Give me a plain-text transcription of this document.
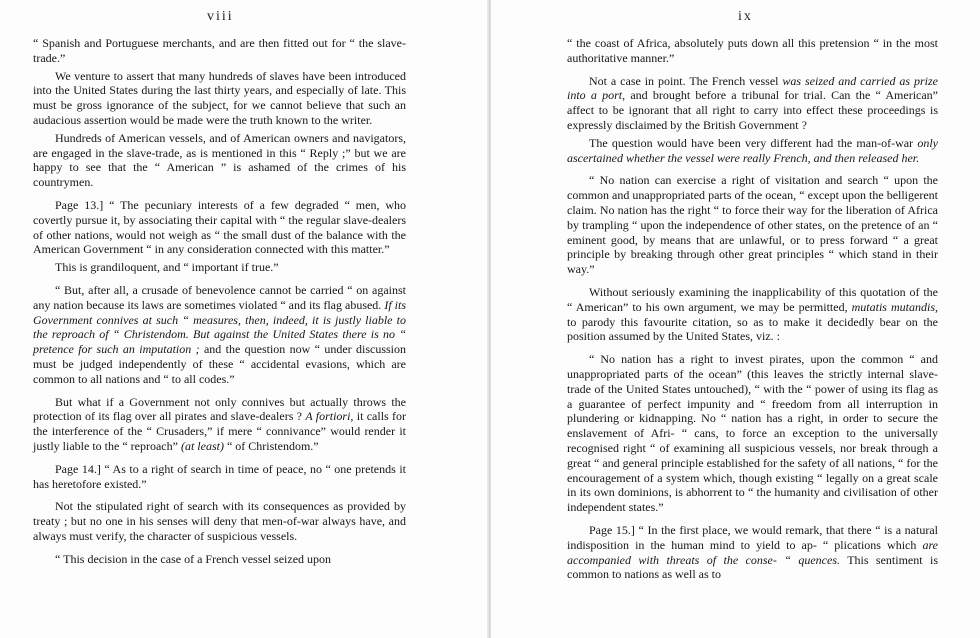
viii

“ Spanish and Portuguese merchants, and are then fitted out for “ the slave-trade.”

We venture to assert that many hundreds of slaves have been introduced into the United States during the last thirty years, and especially of late. This must be gross ignorance of the subject, for we cannot believe that such an audacious assertion would be made were the truth known to the writer.

Hundreds of American vessels, and of American owners and navigators, are engaged in the slave-trade, as is mentioned in this “ Reply ;” but we are happy to see that the “ American ” is ashamed of the crimes of his countrymen.

Page 13.] “ The pecuniary interests of a few degraded “ men, who covertly pursue it, by associating their capital with “ the regular slave-dealers of other nations, would not weigh as “ the small dust of the balance with the American Government “ in any consideration connected with this matter.”

This is grandiloquent, and “ important if true.”

“ But, after all, a crusade of benevolence cannot be carried “ on against any nation because its laws are sometimes violated “ and its flag abused. If its Government connives at such “ measures, then, indeed, it is justly liable to the reproach of “ Christendom. But against the United States there is no “ pretence for such an imputation ; and the question now “ under discussion must be judged independently of these “ accidental evasions, which are common to all nations and “ to all codes.”

But what if a Government not only connives but actually throws the protection of its flag over all pirates and slave-dealers ? A fortiori, it calls for the interference of the “ Crusaders,” if mere “ connivance” would render it justly liable to the “ reproach” (at least) “ of Christendom.”

Page 14.] “ As to a right of search in time of peace, no “ one pretends it has heretofore existed.”

Not the stipulated right of search with its consequences as provided by treaty ; but no one in his senses will deny that men-of-war always have, and always must verify, the character of suspicious vessels.

“ This decision in the case of a French vessel seized upon

ix

“ the coast of Africa, absolutely puts down all this pretension “ in the most authoritative manner.”

Not a case in point. The French vessel was seized and carried as prize into a port, and brought before a tribunal for trial. Can the “ American” affect to be ignorant that all right to carry into effect these proceedings is expressly disclaimed by the British Government ?

The question would have been very different had the man-of-war only ascertained whether the vessel were really French, and then released her.

“ No nation can exercise a right of visitation and search “ upon the common and unappropriated parts of the ocean, “ except upon the belligerent claim. No nation has the right “ to force their way for the liberation of Africa by trampling “ upon the independence of other states, on the pretence of an “ eminent good, by means that are unlawful, or to press forward “ a great principle by breaking through other great principles “ which stand in their way.”

Without seriously examining the inapplicability of this quotation of the “ American” to his own argument, we may be permitted, mutatis mutandis, to parody this favourite citation, so as to make it decidedly bear on the position assumed by the United States, viz. :

“ No nation has a right to invest pirates, upon the common “ and unappropriated parts of the ocean” (this leaves the strictly internal slave-trade of the United States untouched), “ with the “ power of using its flag as a guarantee of perfect impunity and “ freedom from all interruption in plundering or kidnapping. No “ nation has a right, in order to secure the enslavement of Afri- “ cans, to force an exception to the universally recognised right “ of examining all suspicious vessels, nor break through a great “ and general principle established for the safety of all nations, “ for the encouragement of a system which, though existing “ legally on a great scale in its own dominions, is abhorrent to “ the humanity and civilisation of other independent states.”

Page 15.] “ In the first place, we would remark, that there “ is a natural indisposition in the human mind to yield to ap- “ plications which are accompanied with threats of the conse- “ quences. This sentiment is common to nations as well as to
